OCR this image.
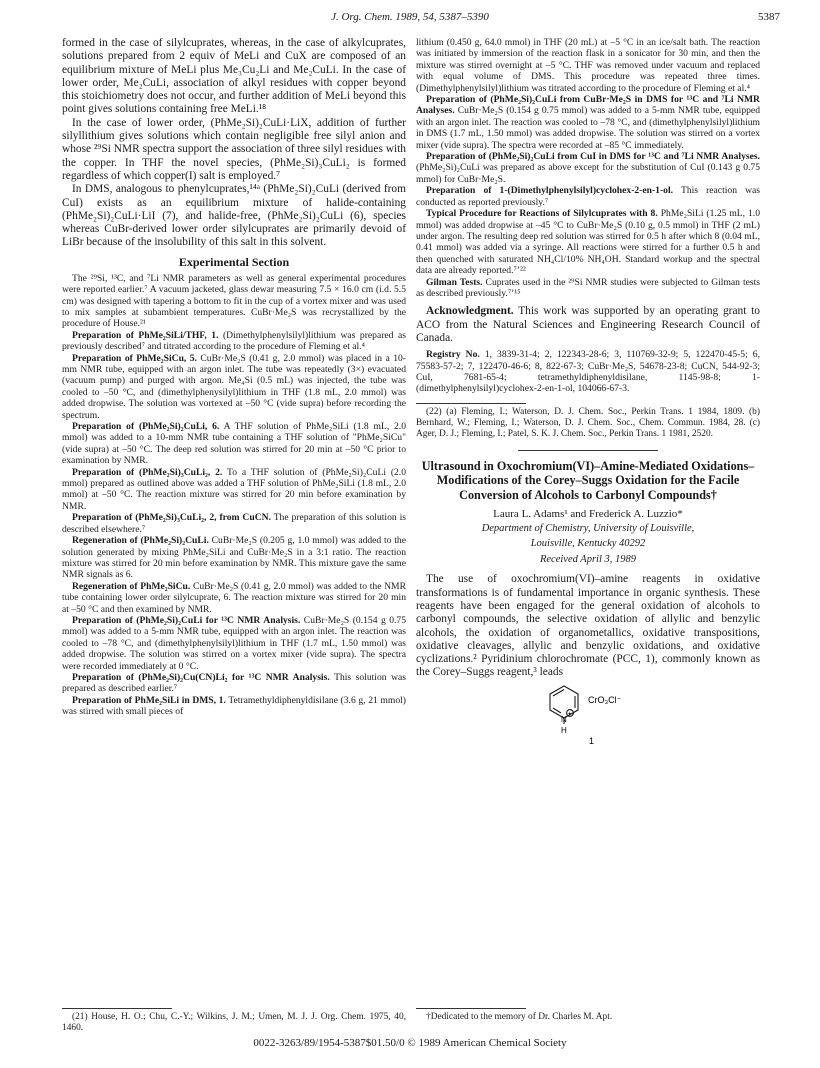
J. Org. Chem. 1989, 54, 5387–5390	5387

formed in the case of silylcuprates, whereas, in the case of alkylcuprates, solutions prepared from 2 equiv of MeLi and CuX are composed of an equilibrium mixture of MeLi plus Me₃Cu₂Li and Me₂CuLi. In the case of lower order, Me₂CuLi, association of alkyl residues with copper beyond this stoichiometry does not occur, and further addition of MeLi beyond this point gives solutions containing free MeLi.¹⁸

In the case of lower order, (PhMe₂Si)₂CuLi·LiX, addition of further silyllithium gives solutions which contain negligible free silyl anion and whose ²⁹Si NMR spectra support the association of three silyl residues with the copper. In THF the novel species, (PhMe₂Si)₃CuLi₂ is formed regardless of which copper(I) salt is employed.⁷

In DMS, analogous to phenylcuprates,¹⁴ᵃ (PhMe₂Si)₂CuLi (derived from CuI) exists as an equilibrium mixture of halide-containing (PhMe₂Si)₂CuLi·LiI (7), and halide-free, (PhMe₂Si)₂CuLi (6), species whereas CuBr-derived lower order silylcuprates are primarily devoid of LiBr because of the insolubility of this salt in this solvent.

Experimental Section

The ²⁹Si, ¹³C, and ⁷Li NMR parameters as well as general experimental procedures were reported earlier.⁷ A vacuum jacketed, glass dewar measuring 7.5 × 16.0 cm (i.d. 5.5 cm) was designed with tapering a bottom to fit in the cup of a vortex mixer and was used to mix samples at subambient temperatures. CuBr·Me₂S was recrystallized by the procedure of House.²¹

Preparation of PhMe₂SiLi/THF, 1. (Dimethylphenylsilyl)lithium was prepared as previously described⁷ and titrated according to the procedure of Fleming et al.⁴

Preparation of PhMe₂SiCu, 5. CuBr·Me₂S (0.41 g, 2.0 mmol) was placed in a 10-mm NMR tube, equipped with an argon inlet. The tube was repeatedly (3×) evacuated (vacuum pump) and purged with argon. Me₄Si (0.5 mL) was injected, the tube was cooled to –50 °C, and (dimethylphenysilyl)lithium in THF (1.8 mL, 2.0 mmol) was added dropwise. The solution was vortexed at –50 °C (vide supra) before recording the spectrum.

Preparation of (PhMe₂Si)₂CuLi, 6. A THF solution of PhMe₂SiLi (1.8 mL, 2.0 mmol) was added to a 10-mm NMR tube containing a THF solution of "PhMe₂SiCu" (vide supra) at –50 °C. The deep red solution was stirred for 20 min at –50 °C prior to examination by NMR.

Preparation of (PhMe₂Si)₃CuLi₂, 2. To a THF solution of (PhMe₂Si)₂CuLi (2.0 mmol) prepared as outlined above was added a THF solution of PhMe₂SiLi (1.8 mL, 2.0 mmol) at –50 °C. The reaction mixture was stirred for 20 min before examination by NMR.

Preparation of (PhMe₂Si)₃CuLi₂, 2, from CuCN. The preparation of this solution is described elsewhere.⁷

Regeneration of (PhMe₂Si)₂CuLi. CuBr·Me₂S (0.205 g, 1.0 mmol) was added to the solution generated by mixing PhMe₂SiLi and CuBr·Me₂S in a 3:1 ratio. The reaction mixture was stirred for 20 min before examination by NMR. This mixture gave the same NMR signals as 6.

Regeneration of PhMe₂SiCu. CuBr·Me₂S (0.41 g, 2.0 mmol) was added to the NMR tube containing lower order silylcuprate, 6. The reaction mixture was stirred for 20 min at –50 °C and then examined by NMR.

Preparation of (PhMe₂Si)₂CuLi for ¹³C NMR Analysis. CuBr·Me₂S (0.154 g 0.75 mmol) was added to a 5-mm NMR tube, equipped with an argon inlet. The reaction was cooled to –78 °C, and (dimethylphenylsilyl)lithium in THF (1.7 mL, 1.50 mmol) was added dropwise. The solution was stirred on a vortex mixer (vide supra). The spectra were recorded immediately at 0 °C.

Preparation of (PhMe₂Si)₂Cu(CN)Li₂ for ¹³C NMR Analysis. This solution was prepared as described earlier.⁷

Preparation of PhMe₂SiLi in DMS, 1. Tetramethyldiphenyldisilane (3.6 g, 21 mmol) was stirred with small pieces of

(21) House, H. O.; Chu, C.-Y.; Wilkins, J. M.; Umen, M. J. J. Org. Chem. 1975, 40, 1460.

lithium (0.450 g, 64.0 mmol) in THF (20 mL) at –5 °C in an ice/salt bath. The reaction was initiated by immersion of the reaction flask in a sonicator for 30 min, and then the mixture was stirred overnight at –5 °C. THF was removed under vacuum and replaced with equal volume of DMS. This procedure was repeated three times. (Dimethylphenylsilyl)lithium was titrated according to the procedure of Fleming et al.⁴

Preparation of (PhMe₂Si)₂CuLi from CuBr·Me₂S in DMS for ¹³C and ⁷Li NMR Analyses. CuBr·Me₂S (0.154 g 0.75 mmol) was added to a 5-mm NMR tube, equipped with an argon inlet. The reaction was cooled to –78 °C, and (dimethylphenylsilyl)lithium in DMS (1.7 mL, 1.50 mmol) was added dropwise. The solution was stirred on a vortex mixer (vide supra). The spectra were recorded at –85 °C immediately.

Preparation of (PhMe₂Si)₂CuLi from CuI in DMS for ¹³C and ⁷Li NMR Analyses. (PhMe₂Si)₂CuLi was prepared as above except for the substitution of CuI (0.143 g 0.75 mmol) for CuBr·Me₂S.

Preparation of 1-(Dimethylphenylsilyl)cyclohex-2-en-1-ol. This reaction was conducted as reported previously.⁷

Typical Procedure for Reactions of Silylcuprates with 8. PhMe₂SiLi (1.25 mL, 1.0 mmol) was added dropwise at –45 °C to CuBr·Me₂S (0.10 g, 0.5 mmol) in THF (2 mL) under argon. The resulting deep red solution was stirred for 0.5 h after which 8 (0.04 mL, 0.41 mmol) was added via a syringe. All reactions were stirred for a further 0.5 h and then quenched with saturated NH₄Cl/10% NH₄OH. Standard workup and the spectral data are already reported.⁷ʼ²²

Gilman Tests. Cuprates used in the ²⁹Si NMR studies were subjected to Gilman tests as described previously.⁷ʼ¹⁵

Acknowledgment. This work was supported by an operating grant to ACO from the Natural Sciences and Engineering Research Council of Canada.

Registry No. 1, 3839-31-4; 2, 122343-28-6; 3, 110769-32-9; 5, 122470-45-5; 6, 75583-57-2; 7, 122470-46-6; 8, 822-67-3; CuBr·Me₂S, 54678-23-8; CuCN, 544-92-3; CuI, 7681-65-4; tetramethyldiphenyldisilane, 1145-98-8; 1-(dimethylphenylsilyl)cyclohex-2-en-1-ol, 104066-67-3.

(22) (a) Fleming, I.; Waterson, D. J. Chem. Soc., Perkin Trans. 1 1984, 1809. (b) Bernhard, W.; Fleming, I.; Waterson, D. J. Chem. Soc., Chem. Commun. 1984, 28. (c) Ager, D. J.; Fleming, I.; Patel, S. K. J. Chem. Soc., Perkin Trans. 1 1981, 2520.

Ultrasound in Oxochromium(VI)–Amine-Mediated Oxidations–Modifications of the Corey–Suggs Oxidation for the Facile Conversion of Alcohols to Carbonyl Compounds†
Laura L. Adams¹ and Frederick A. Luzzio*
Department of Chemistry, University of Louisville,
Louisville, Kentucky 40292
Received April 3, 1989

The use of oxochromium(VI)–amine reagents in oxidative transformations is of fundamental importance in organic synthesis. These reagents have been engaged for the general oxidation of alcohols to carbonyl compounds, the selective oxidation of allylic and benzylic alcohols, the oxidation of organometallics, oxidative transpositions, oxidative cleavages, allylic and benzylic oxidations, and oxidative cyclizations.² Pyridinium chlorochromate (PCC, 1), commonly known as the Corey–Suggs reagent,³ leads

N
H
+
CrO₃Cl⁻
1

†Dedicated to the memory of Dr. Charles M. Apt.

0022-3263/89/1954-5387$01.50/0 © 1989 American Chemical Society
